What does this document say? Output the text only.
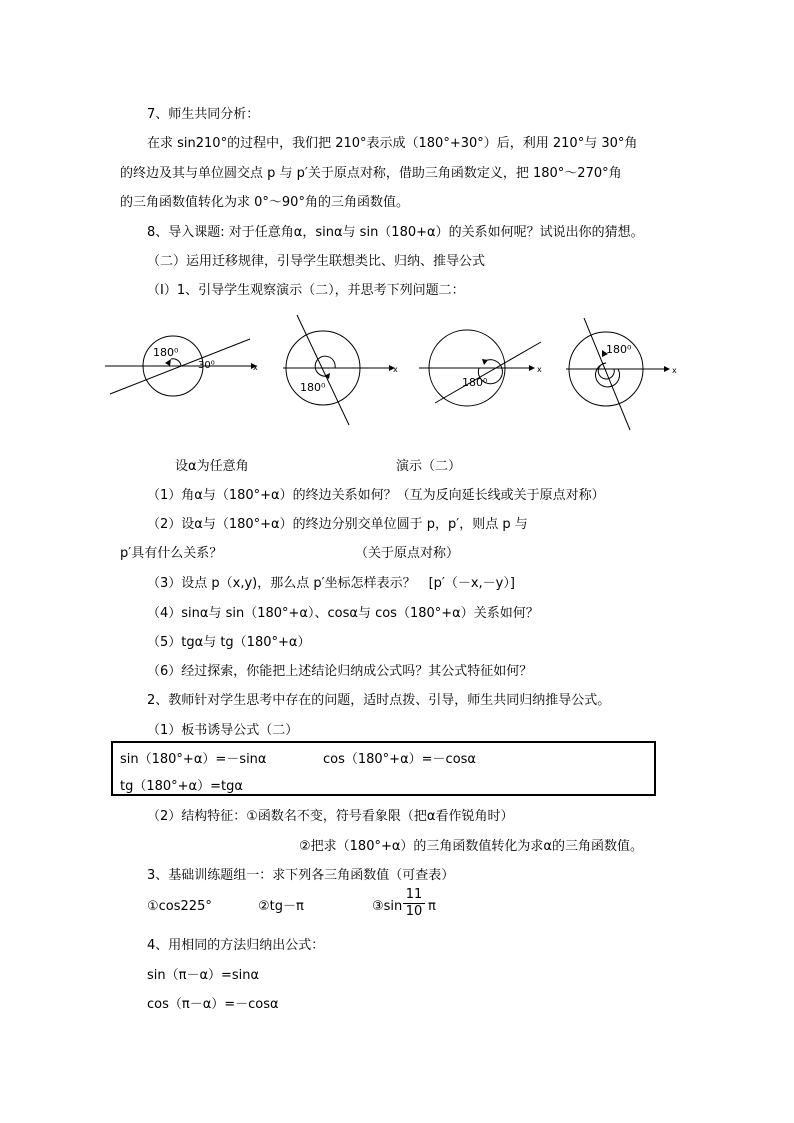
7、师生共同分析：
在求 sin210°的过程中，我们把 210°表示成（180°+30°）后，利用 210°与 30°角
的终边及其与单位圆交点 p 与 p′关于原点对称，借助三角函数定义，把 180°～270°角
的三角函数值转化为求 0°～90°角的三角函数值。
8、导入课题: 对于任意角α，sinα与 sin（180+α）的关系如何呢？试说出你的猜想。
（二）运用迁移规律，引导学生联想类比、归纳、推导公式
（Ⅰ）1、引导学生观察演示（二），并思考下列问题二：
x
180⁰
30⁰	x
180⁰
x
180⁰
x
180⁰
设α为任意角	演示（二）
（1）角α与（180°+α）的终边关系如何？（互为反向延长线或关于原点对称）
（2）设α与（180°+α）的终边分别交单位圆于 p，p′，则点 p 与
p′具有什么关系？	（关于原点对称）
（3）设点 p（x,y)，那么点 p′坐标怎样表示？　[p′（－x,－y）]
（4）sinα与 sin（180°+α）、cosα与 cos（180°+α）关系如何？
（5）tgα与 tg（180°+α）
（6）经过探索，你能把上述结论归纳成公式吗？其公式特征如何？
2、教师针对学生思考中存在的问题，适时点拨、引导，师生共同归纳推导公式。
（1）板书诱导公式（二）
sin（180°+α）=－sinα	cos（180°+α）=－cosα
tg（180°+α）=tgα
（2）结构特征：①函数名不变，符号看象限（把α看作锐角时）
②把求（180°+α）的三角函数值转化为求α的三角函数值。
3、基础训练题组一：求下列各三角函数值（可查表）
①cos225°	②tg－π	③sin $\frac{11}{10}$ π
4、用相同的方法归纳出公式：
sin（π－α）=sinα
cos（π－α）=－cosα
